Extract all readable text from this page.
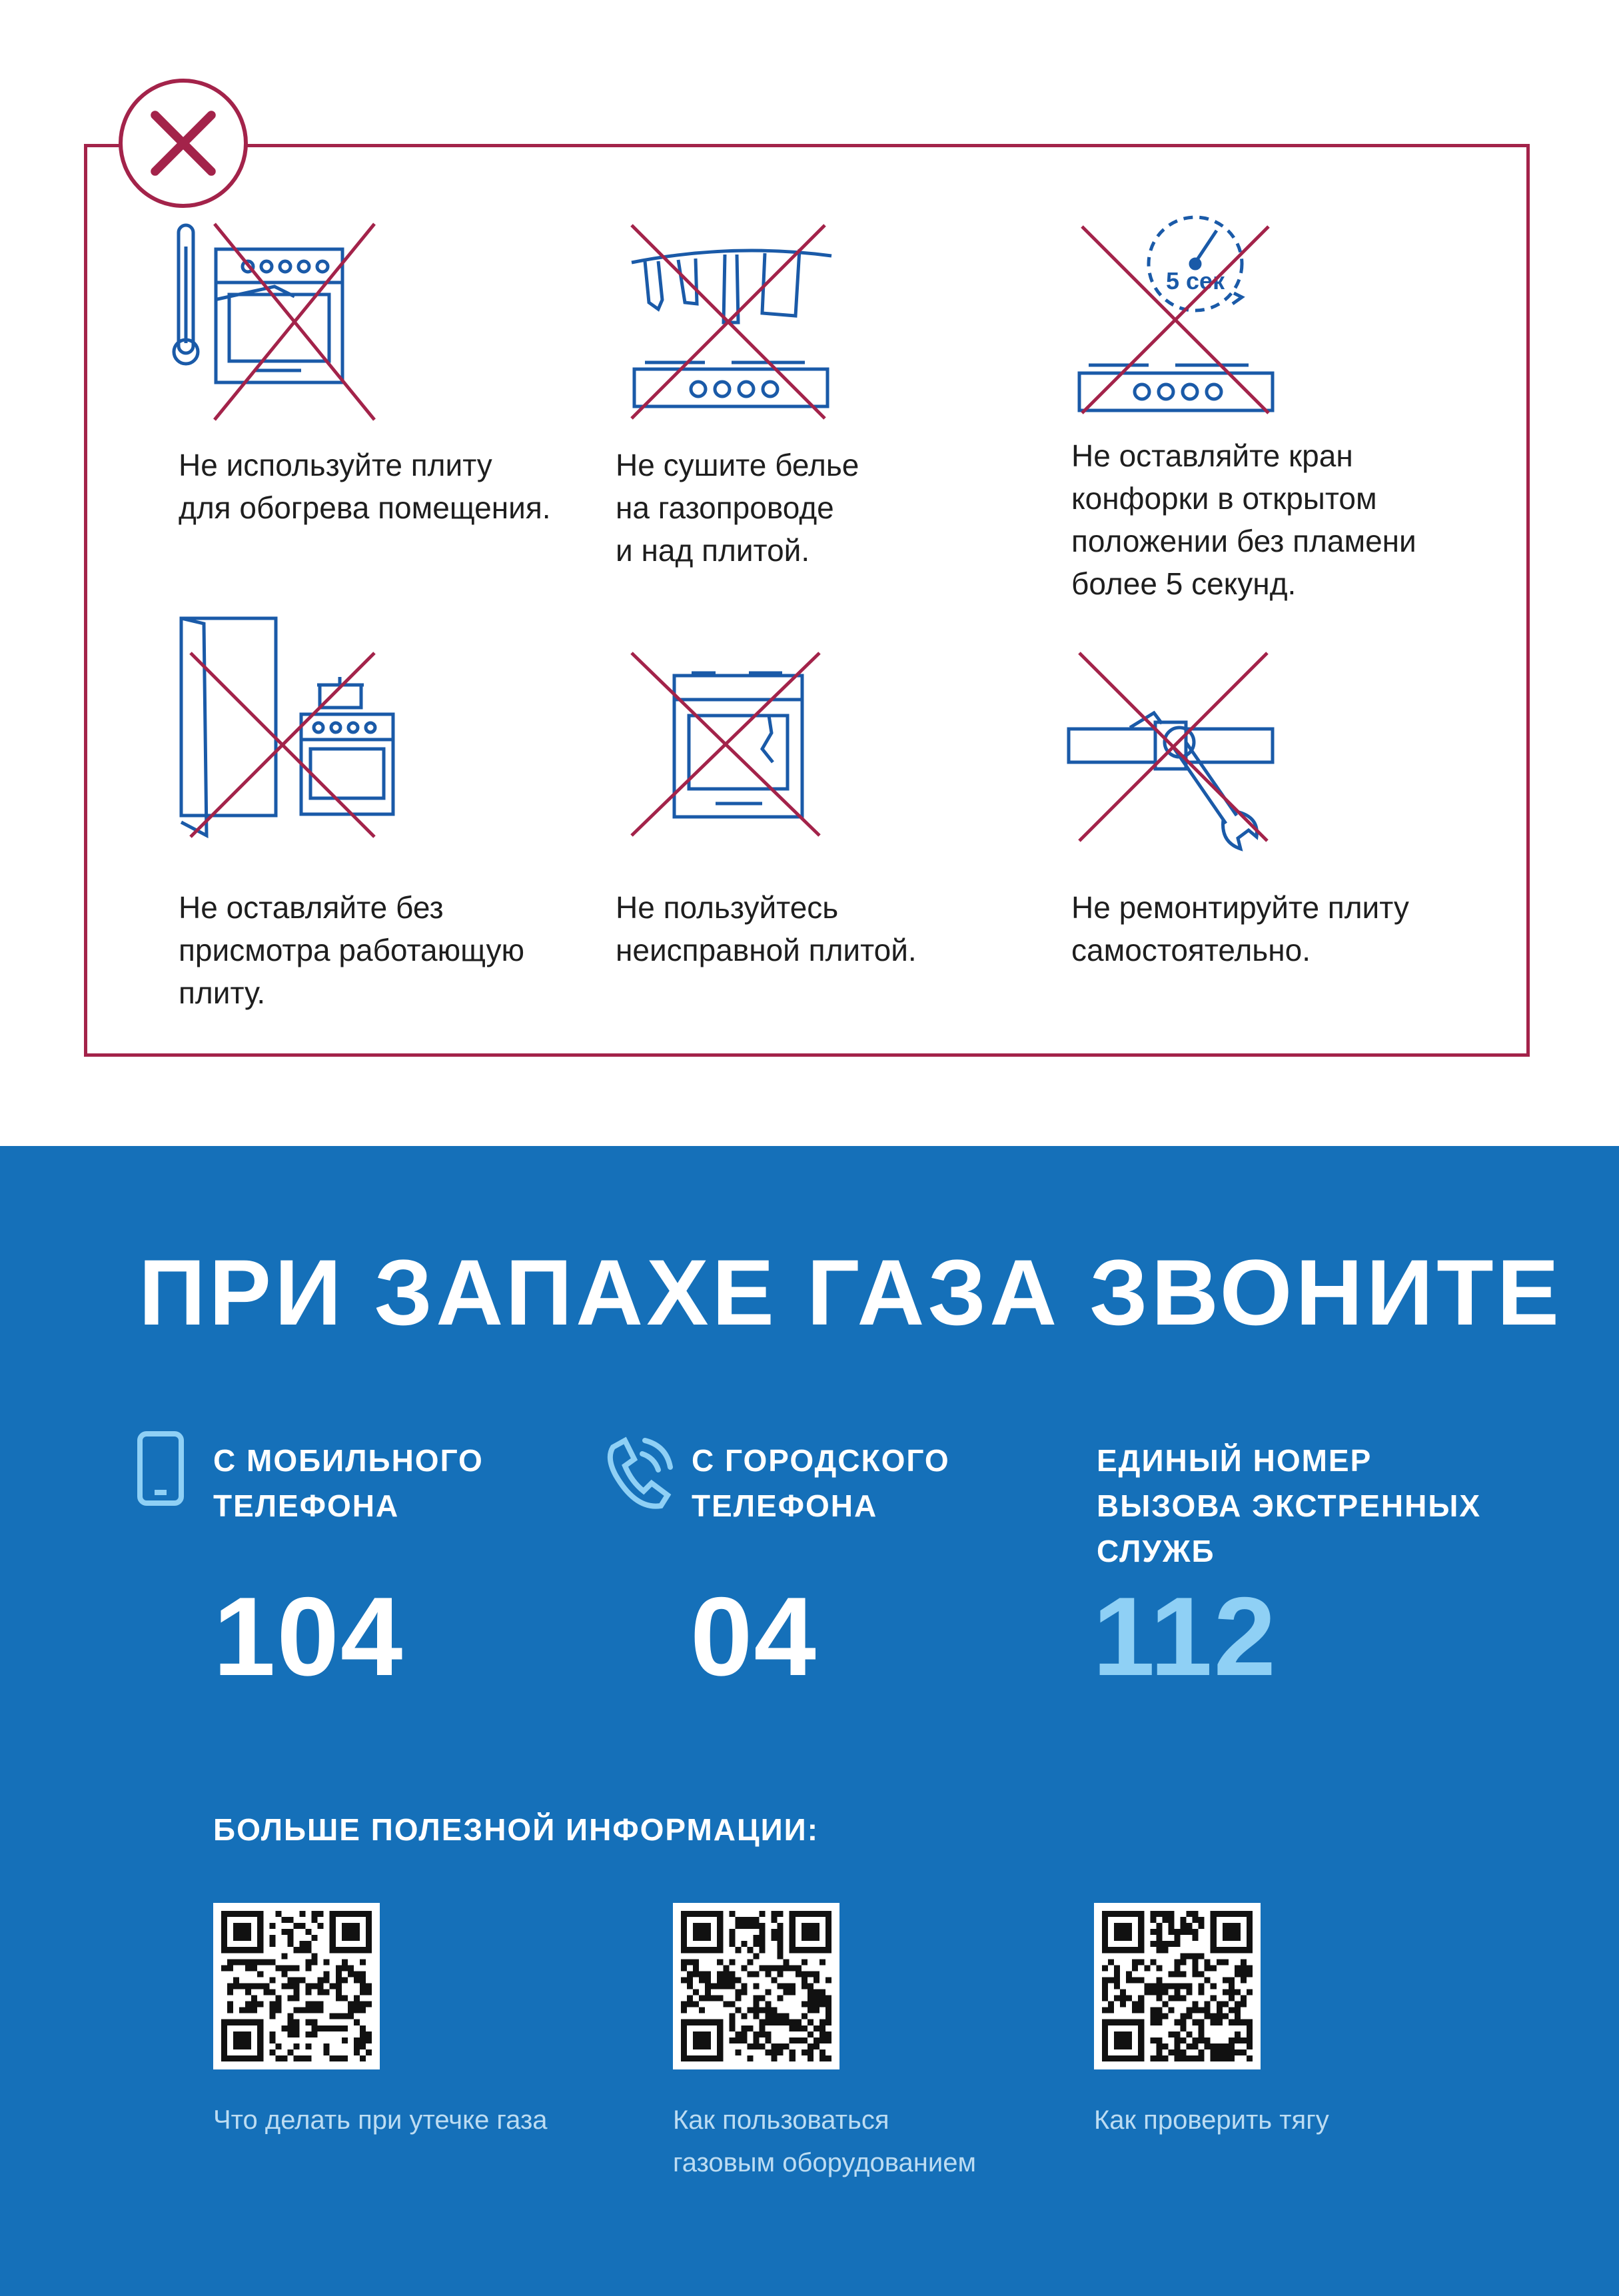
Не используйте плиту
для обогрева помещения.
Не сушите белье
на газопроводе
и над плитой.
5 сек
Не оставляйте кран
конфорки в открытом
положении без пламени
более 5 секунд.
Не оставляйте без
присмотра работающую
плиту.
Не пользуйтесь
неисправной плитой.
Не ремонтируйте плиту
самостоятельно.
ПРИ ЗАПАХЕ ГАЗА ЗВОНИТЕ
С МОБИЛЬНОГО
ТЕЛЕФОНА
104
С ГОРОДСКОГО
ТЕЛЕФОНА
04
ЕДИНЫЙ НОМЕР
ВЫЗОВА ЭКСТРЕННЫХ
СЛУЖБ
112
БОЛЬШЕ ПОЛЕЗНОЙ ИНФОРМАЦИИ:
Что делать при утечке газа	Как пользоваться
газовым оборудованием
Как проверить тягу
